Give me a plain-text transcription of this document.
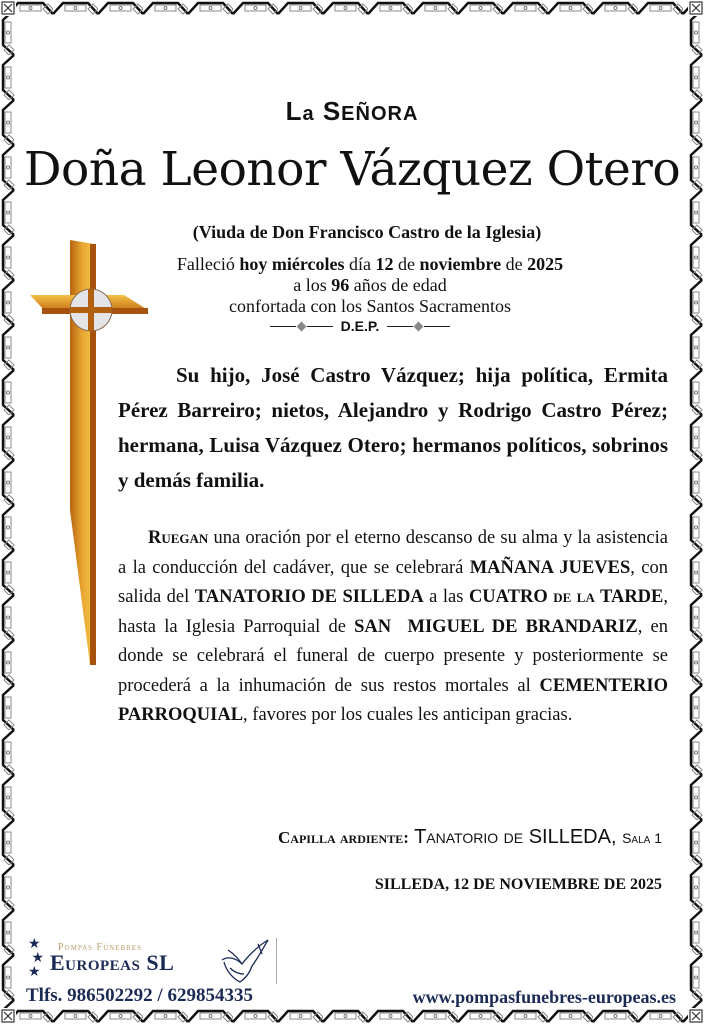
La SEÑORA
Doña Leonor Vázquez Otero
(Viuda de Don Francisco Castro de la Iglesia)
Falleció hoy miércoles día 12 de noviembre de 2025
a los 96 años de edad
confortada con los Santos Sacramentos
D.E.P.
Su hijo, José Castro Vázquez; hija política, Ermita Pérez Barreiro; nietos, Alejandro y Rodrigo Castro Pérez; hermana, Luisa Vázquez Otero; hermanos políticos, sobrinos y demás familia.
Ruegan una oración por el eterno descanso de su alma y la asistencia a la conducción del cadáver, que se celebrará MAÑANA JUEVES, con salida del TANATORIO DE SILLEDA a las CUATRO de la TARDE, hasta la Iglesia Parroquial de SAN  MIGUEL DE BRANDARIZ, en donde se celebrará el funeral de cuerpo presente y posteriormente se procederá a la inhumación de sus restos mortales al CEMENTERIO PARROQUIAL, favores por los cuales les anticipan gracias.
Capilla ardiente: Tanatorio de SILLEDA, Sala 1
SILLEDA, 12 DE NOVIEMBRE DE 2025
★
★
★
Pompas Fúnebres
Europeas SL
Tlfs. 986502292 / 629854335	www.pompasfunebres-europeas.es
